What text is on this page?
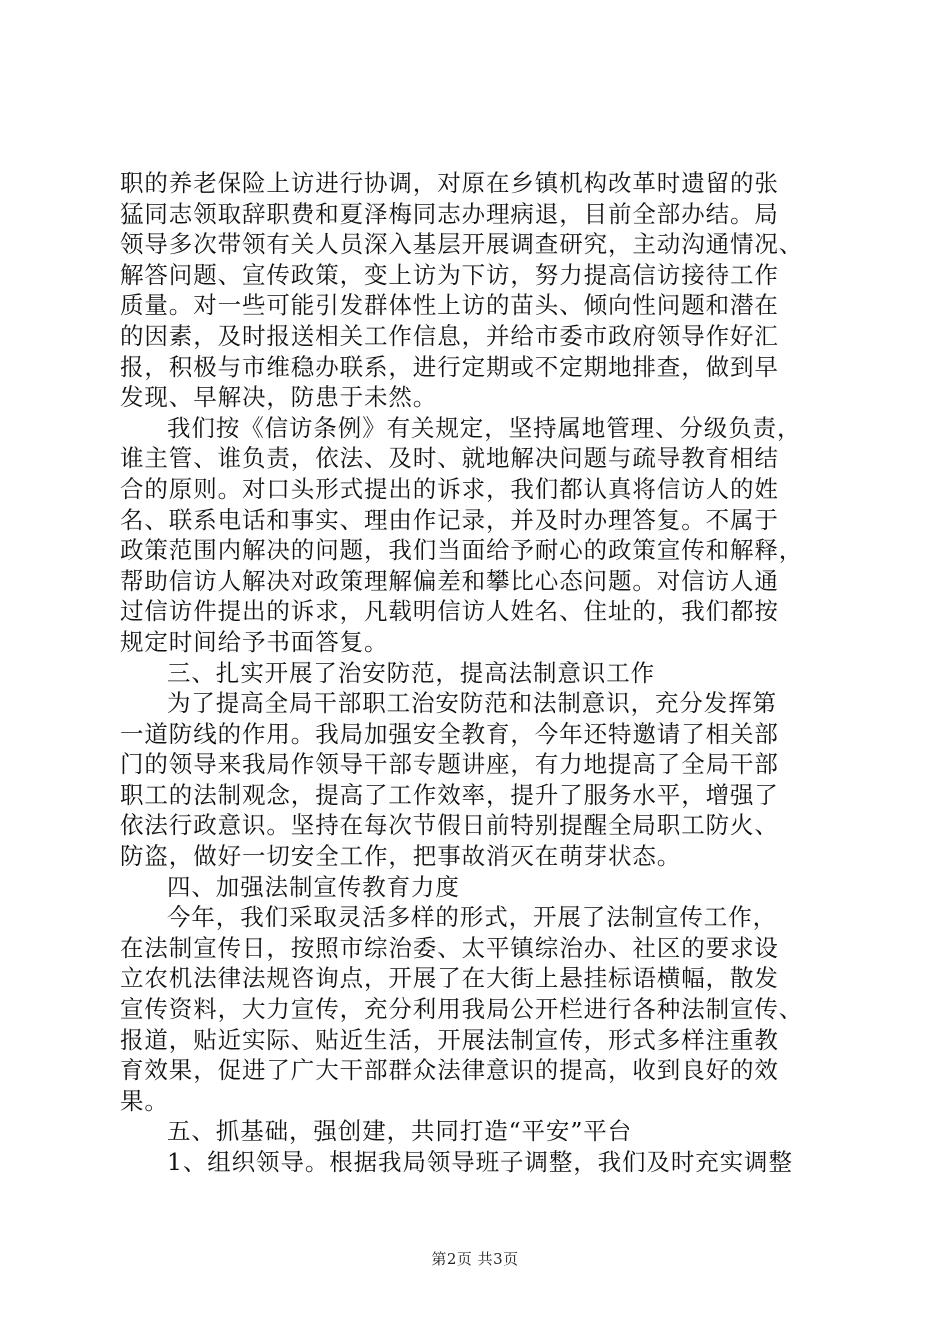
职的养老保险上访进行协调，对原在乡镇机构改革时遗留的张
猛同志领取辞职费和夏泽梅同志办理病退，目前全部办结。局
领导多次带领有关人员深入基层开展调查研究，主动沟通情况、
解答问题、宣传政策，变上访为下访，努力提高信访接待工作
质量。对一些可能引发群体性上访的苗头、倾向性问题和潜在
的因素，及时报送相关工作信息，并给市委市政府领导作好汇
报，积极与市维稳办联系，进行定期或不定期地排查，做到早
发现、早解决，防患于未然。
我们按《信访条例》有关规定，坚持属地管理、分级负责，
谁主管、谁负责，依法、及时、就地解决问题与疏导教育相结
合的原则。对口头形式提出的诉求，我们都认真将信访人的姓
名、联系电话和事实、理由作记录，并及时办理答复。不属于
政策范围内解决的问题，我们当面给予耐心的政策宣传和解释，
帮助信访人解决对政策理解偏差和攀比心态问题。对信访人通
过信访件提出的诉求，凡载明信访人姓名、住址的，我们都按
规定时间给予书面答复。
三、扎实开展了治安防范，提高法制意识工作
为了提高全局干部职工治安防范和法制意识，充分发挥第
一道防线的作用。我局加强安全教育，今年还特邀请了相关部
门的领导来我局作领导干部专题讲座，有力地提高了全局干部
职工的法制观念，提高了工作效率，提升了服务水平，增强了
依法行政意识。坚持在每次节假日前特别提醒全局职工防火、
防盗，做好一切安全工作，把事故消灭在萌芽状态。
四、加强法制宣传教育力度
今年，我们采取灵活多样的形式，开展了法制宣传工作，
在法制宣传日，按照市综治委、太平镇综治办、社区的要求设
立农机法律法规咨询点，开展了在大街上悬挂标语横幅，散发
宣传资料，大力宣传，充分利用我局公开栏进行各种法制宣传、
报道，贴近实际、贴近生活，开展法制宣传，形式多样注重教
育效果，促进了广大干部群众法律意识的提高，收到良好的效
果。
五、抓基础，强创建，共同打造“平安”平台
1、组织领导。根据我局领导班子调整，我们及时充实调整
第2页 共3页
